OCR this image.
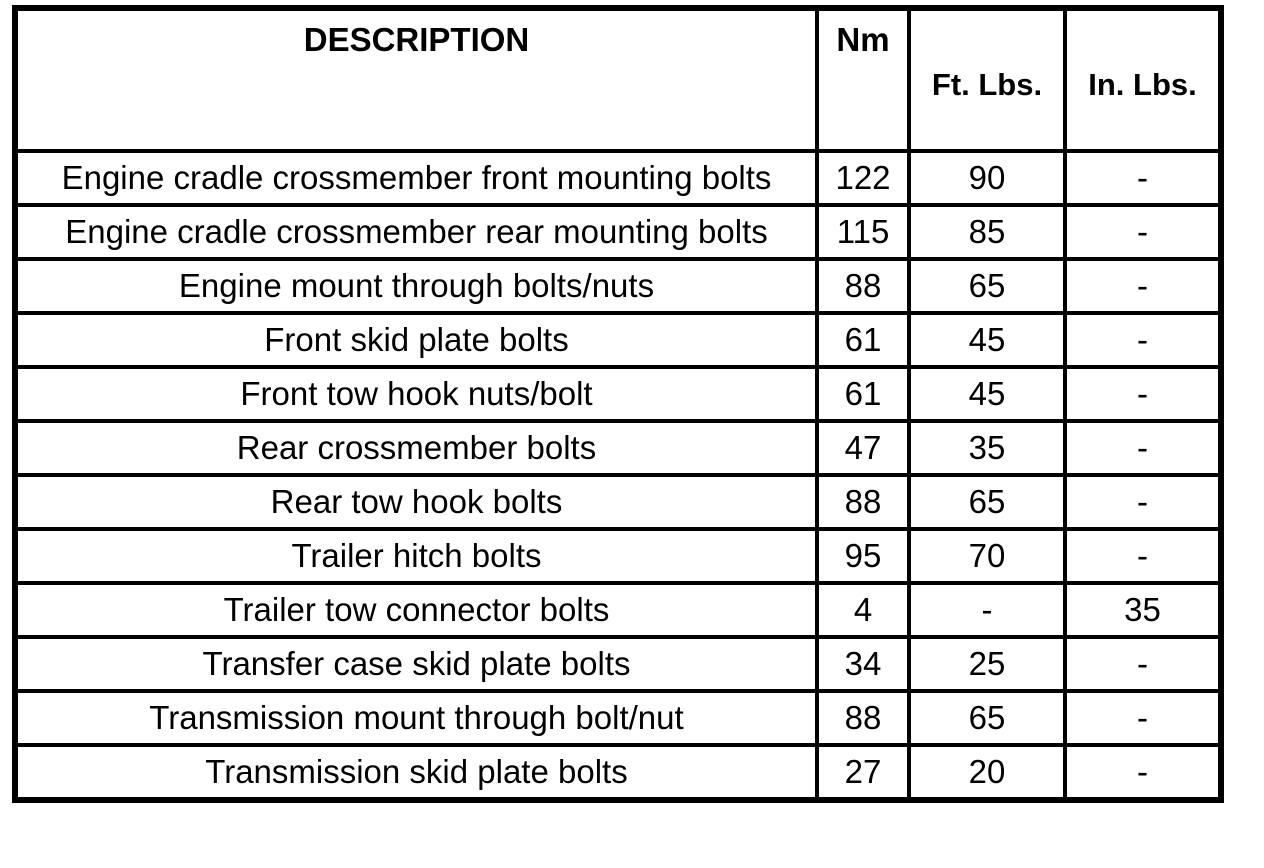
DESCRIPTION	Nm	Ft. Lbs.	In. Lbs.
Engine cradle crossmember front mounting bolts	122	90	-
Engine cradle crossmember rear mounting bolts	115	85	-
Engine mount through bolts/nuts	88	65	-
Front skid plate bolts	61	45	-
Front tow hook nuts/bolt	61	45	-
Rear crossmember bolts	47	35	-
Rear tow hook bolts	88	65	-
Trailer hitch bolts	95	70	-
Trailer tow connector bolts	4	-	35
Transfer case skid plate bolts	34	25	-
Transmission mount through bolt/nut	88	65	-
Transmission skid plate bolts	27	20	-
